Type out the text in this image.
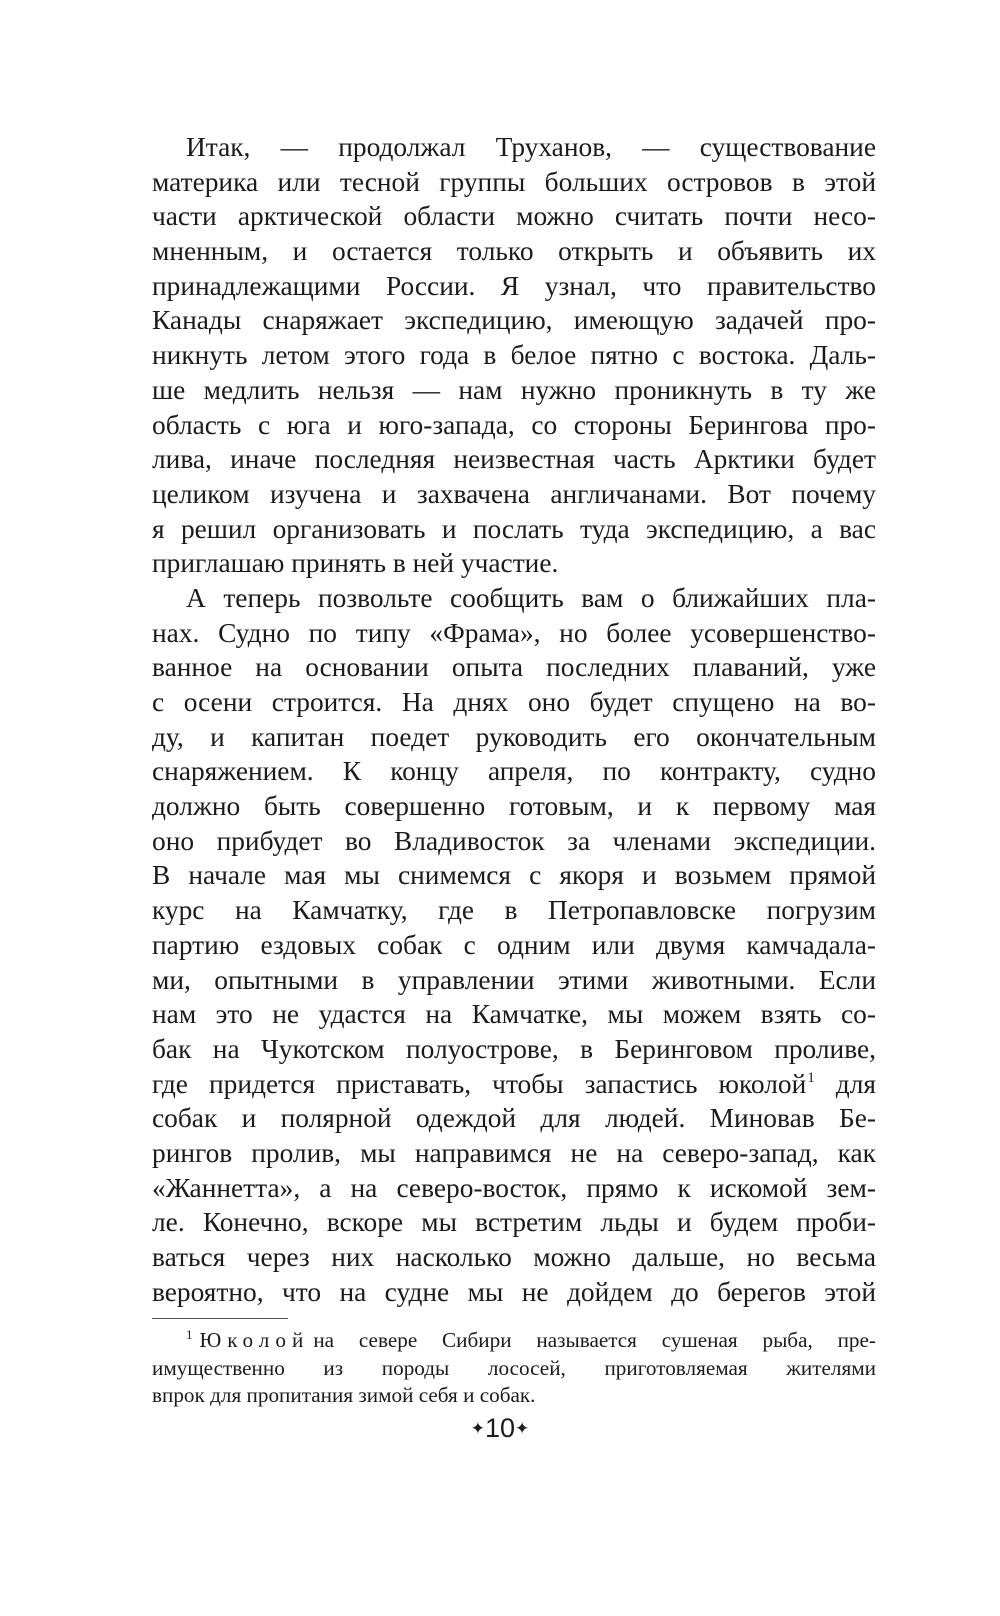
Итак, — продолжал Труханов, — существование
материка или тесной группы больших островов в этой
части арктической области можно считать почти несо-
мненным, и остается только открыть и объявить их
принадлежащими России. Я узнал, что правительство
Канады снаряжает экспедицию, имеющую задачей про-
никнуть летом этого года в белое пятно с востока. Даль-
ше медлить нельзя — нам нужно проникнуть в ту же
область с юга и юго-запада, со стороны Берингова про-
лива, иначе последняя неизвестная часть Арктики будет
целиком изучена и захвачена англичанами. Вот почему
я решил организовать и послать туда экспедицию, а вас
приглашаю принять в ней участие.
А теперь позвольте сообщить вам о ближайших пла-
нах. Судно по типу «Фрама», но более усовершенство-
ванное на основании опыта последних плаваний, уже
с осени строится. На днях оно будет спущено на во-
ду, и капитан поедет руководить его окончательным
снаряжением. К концу апреля, по контракту, судно
должно быть совершенно готовым, и к первому мая
оно прибудет во Владивосток за членами экспедиции.
В начале мая мы снимемся с якоря и возьмем прямой
курс на Камчатку, где в Петропавловске погрузим
партию ездовых собак с одним или двумя камчадала-
ми, опытными в управлении этими животными. Если
нам это не удастся на Камчатке, мы можем взять со-
бак на Чукотском полуострове, в Беринговом проливе,
где придется приставать, чтобы запастись юколой$^1$ для
собак и полярной одеждой для людей. Миновав Бе-
рингов пролив, мы направимся не на северо-запад, как
«Жаннетта», а на северо-восток, прямо к искомой зем-
ле. Конечно, вскоре мы встретим льды и будем проби-
ваться через них насколько можно дальше, но весьма
вероятно, что на судне мы не дойдем до берегов этой
$^1$ Юколой на севере Сибири называется сушеная рыба, пре-
имущественно из породы лососей, приготовляемая жителями
впрок для пропитания зимой себя и собак.
✦10✦
